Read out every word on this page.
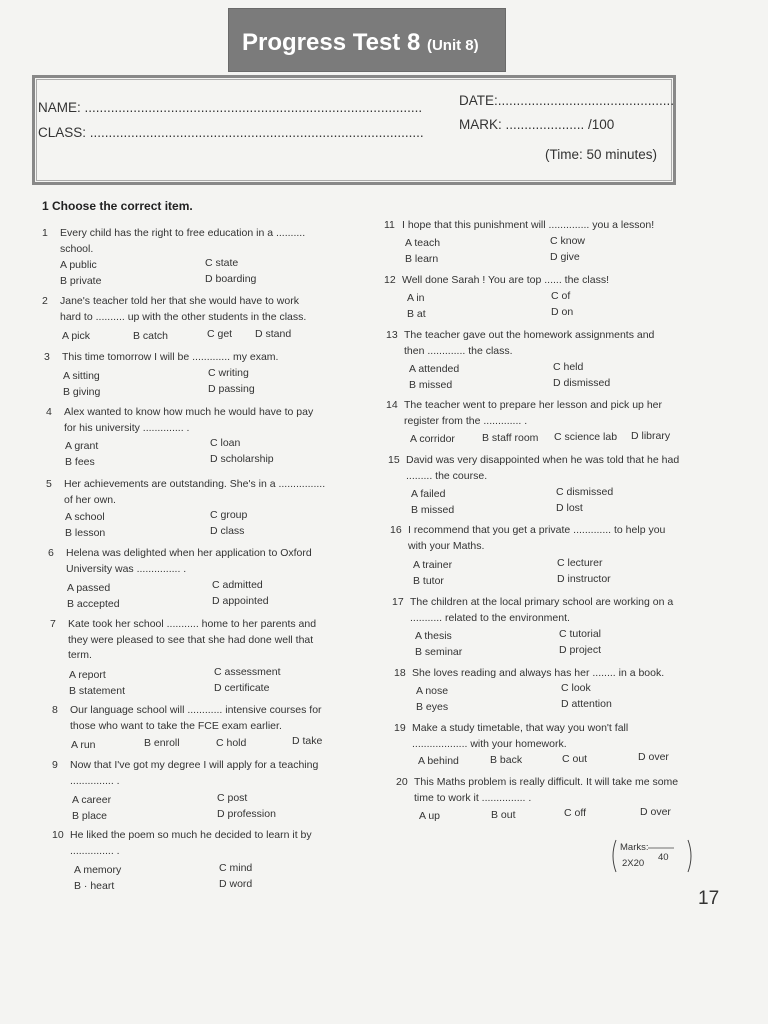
Progress Test 8 (Unit 8)
NAME: ..........................................................................................
CLASS: .........................................................................................
DATE:...............................................
MARK: ..................... /100
(Time: 50 minutes)
1 Choose the correct item.
1 Every child has the right to free education in a ..........
school.
A public
B private
C state
D boarding
2 Jane's teacher told her that she would have to work
hard to .......... up with the other students in the class.
A pick	B catch	C get D stand
3 This time tomorrow I will be ............. my exam.
A sitting
B giving
C writing
D passing
4 Alex wanted to know how much he would have to pay
for his university .............. .
A grant
B fees
C loan
D scholarship
5 Her achievements are outstanding. She's in a ................
of her own.
A school
B lesson
C group
D class
6 Helena was delighted when her application to Oxford
University was ............... .
A passed
B accepted
C admitted
D appointed
7 Kate took her school ........... home to her parents and
they were pleased to see that she had done well that
term.
A report
B statement
C assessment
D certificate
8 Our language school will ............ intensive courses for
those who want to take the FCE exam earlier.
A run	B enroll	C hold	D take
9 Now that I've got my degree I will apply for a teaching
............... .
A career
B place
C post
D profession
10 He liked the poem so much he decided to learn it by
............... .
A memory
B · heart
C mind
D word
11 I hope that this punishment will .............. you a lesson!
A teach
B learn
C know
D give
12 Well done Sarah ! You are top ...... the class!
A in
B at
C of
D on
13 The teacher gave out the homework assignments and
then ............. the class.
A attended
B missed
C held
D dismissed
14 The teacher went to prepare her lesson and pick up her
register from the ............. .
A corridor	B staff room C science lab D library
15 David was very disappointed when he was told that he had
......... the course.
A failed
B missed
C dismissed
D lost
16 I recommend that you get a private ............. to help you
with your Maths.
A trainer
B tutor
C lecturer
D instructor
17 The children at the local primary school are working on a
........... related to the environment.
A thesis
B seminar
C tutorial
D project
18 She loves reading and always has her ........ in a book.
A nose
B eyes
C look
D attention
19 Make a study timetable, that way you won't fall
................... with your homework.
A behind	B back	C out	D over
20 This Maths problem is really difficult. It will take me some
time to work it ............... .
A up	B out	C off	D over
Marks:
40
2X20
17
